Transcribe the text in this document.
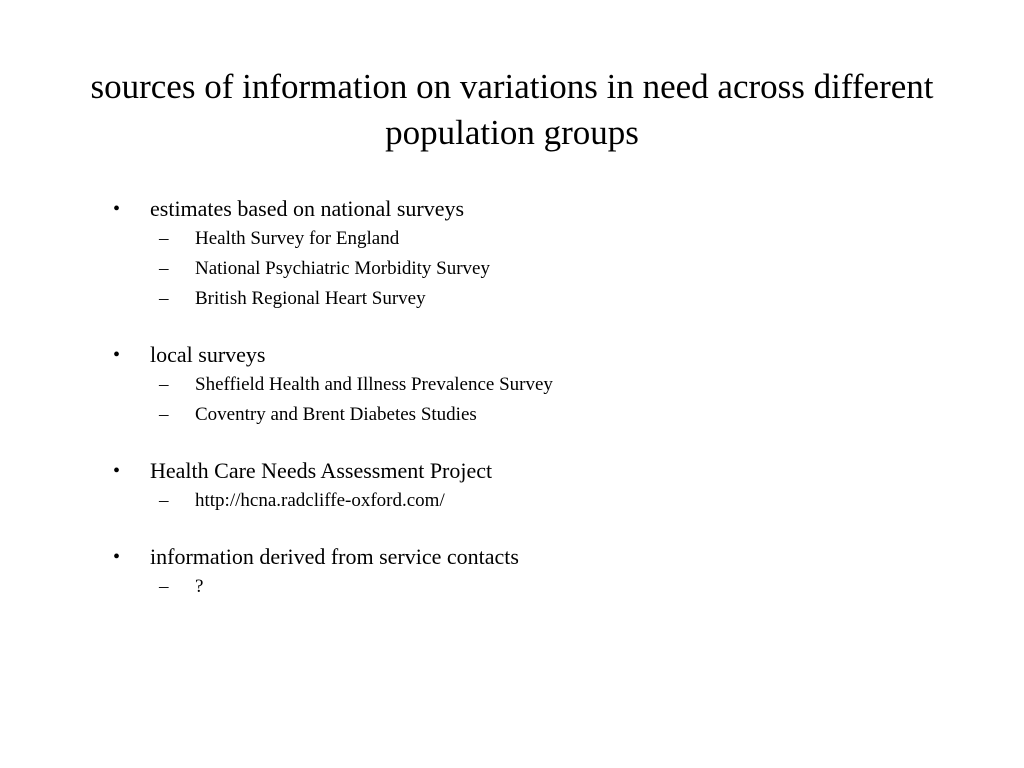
sources of information on variations in need across different population groups
• estimates based on national surveys
– Health Survey for England
– National Psychiatric Morbidity Survey
– British Regional Heart Survey
• local surveys
– Sheffield Health and Illness Prevalence Survey
– Coventry and Brent Diabetes Studies
• Health Care Needs Assessment Project
– http://hcna.radcliffe-oxford.com/
• information derived from service contacts
– ?
